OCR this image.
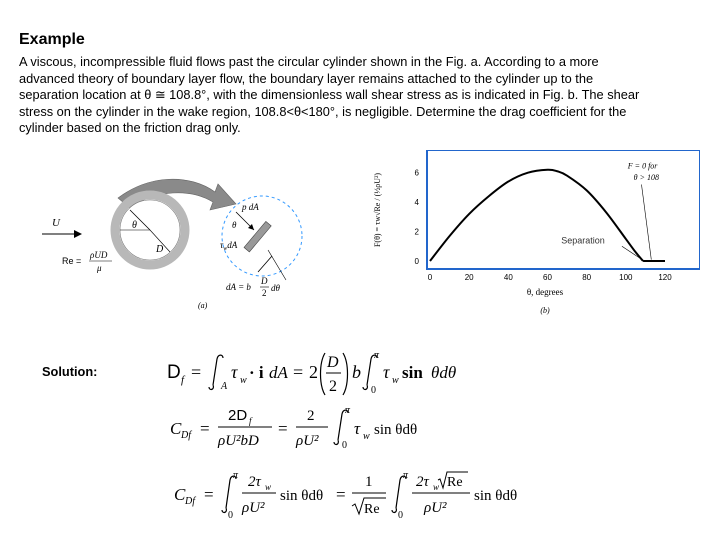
Example
A viscous, incompressible fluid flows past the circular cylinder shown in the Fig. a. According to a more
advanced theory of boundary layer flow, the boundary layer remains attached to the cylinder up to the
separation location at θ ≅ 108.8°, with the dimensionless wall shear stress as is indicated in Fig. b. The shear
stress on the cylinder in the wake region, 108.8<θ<180°, is negligible. Determine the drag coefficient for the
cylinder based on the friction drag only.
θ
D
U
Re =
ρUD
μ
p dA
θ
$\tau_wdA$
dA = b
D
2 dθ
(a)
F(θ) = τw√Re / (½ρU²)
0
2
4
6
0	20	40	60	80	100	120
F = 0 for
θ > 108
Separation
θ, degrees
(b)
Solution:	D f =
A
τ w · i dA = 2 D
2
b
π
0
τ w sin θdθ
C Df =
2D f
ρU²bD
=
2
ρU²
π
0
τ w sin θdθ
C Df =
π
0
2τ w
ρU²
sin θdθ =
1
Re
π
0
2τ w Re
ρU²
sin θdθ
